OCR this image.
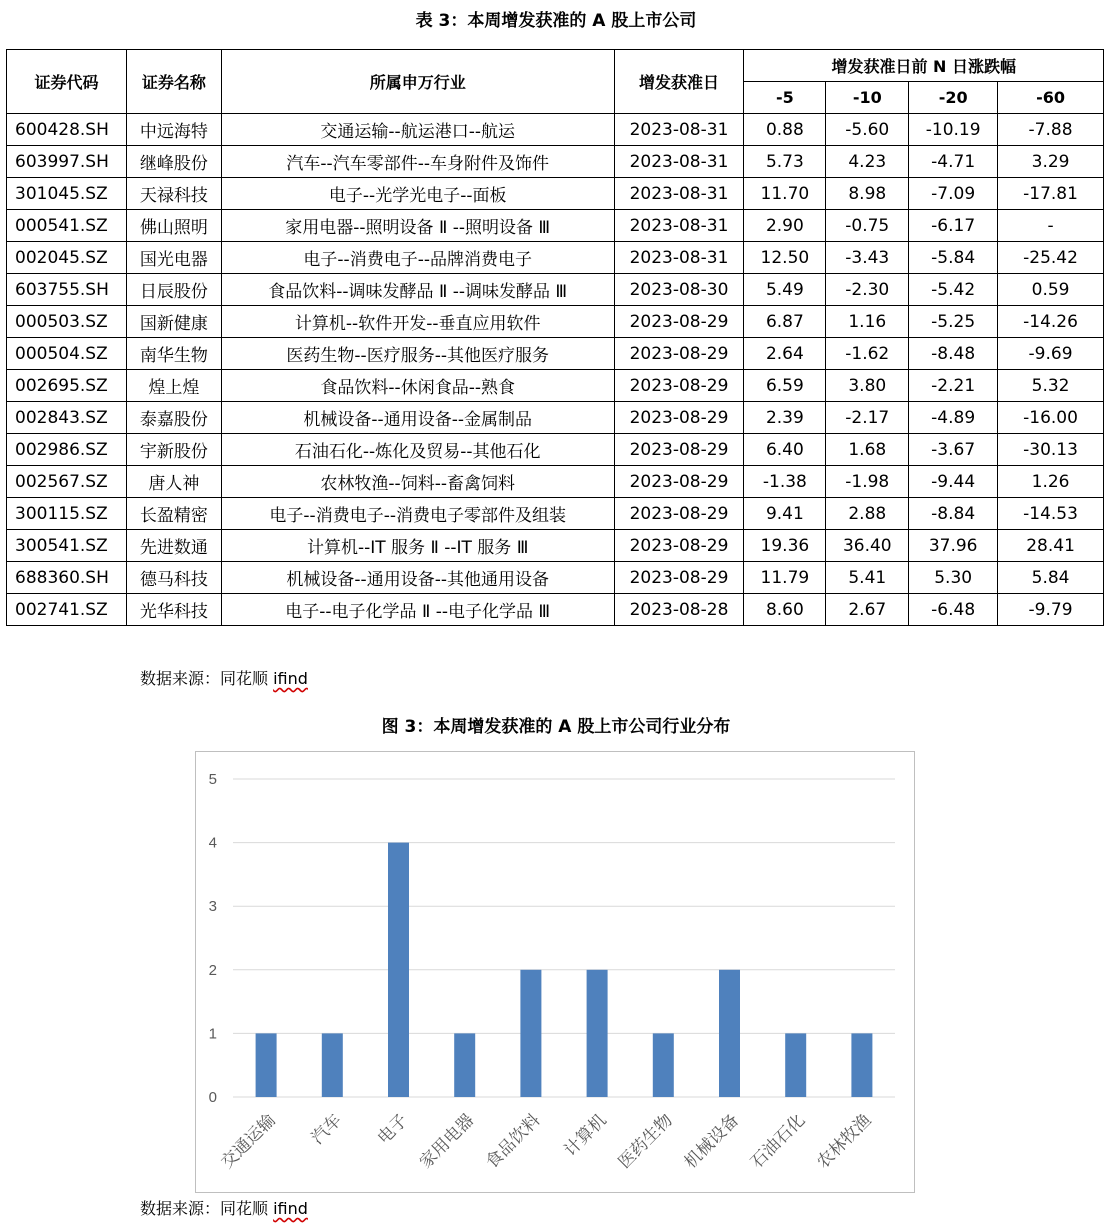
表 3：本周增发获准的 A 股上市公司
证券代码	证券名称	所属申万行业	增发获准日	增发获准日前 N 日涨跌幅			
				-5	-10	-20	-60
600428.SH	中远海特	交通运输--航运港口--航运	2023-08-31	0.88	-5.60	-10.19	-7.88
603997.SH	继峰股份	汽车--汽车零部件--车身附件及饰件	2023-08-31	5.73	4.23	-4.71	3.29
301045.SZ	天禄科技	电子--光学光电子--面板	2023-08-31	11.70	8.98	-7.09	-17.81
000541.SZ	佛山照明	家用电器--照明设备 Ⅱ --照明设备 Ⅲ	2023-08-31	2.90	-0.75	-6.17	-
002045.SZ	国光电器	电子--消费电子--品牌消费电子	2023-08-31	12.50	-3.43	-5.84	-25.42
603755.SH	日辰股份	食品饮料--调味发酵品 Ⅱ --调味发酵品 Ⅲ	2023-08-30	5.49	-2.30	-5.42	0.59
000503.SZ	国新健康	计算机--软件开发--垂直应用软件	2023-08-29	6.87	1.16	-5.25	-14.26
000504.SZ	南华生物	医药生物--医疗服务--其他医疗服务	2023-08-29	2.64	-1.62	-8.48	-9.69
002695.SZ	煌上煌	食品饮料--休闲食品--熟食	2023-08-29	6.59	3.80	-2.21	5.32
002843.SZ	泰嘉股份	机械设备--通用设备--金属制品	2023-08-29	2.39	-2.17	-4.89	-16.00
002986.SZ	宇新股份	石油石化--炼化及贸易--其他石化	2023-08-29	6.40	1.68	-3.67	-30.13
002567.SZ	唐人神	农林牧渔--饲料--畜禽饲料	2023-08-29	-1.38	-1.98	-9.44	1.26
300115.SZ	长盈精密	电子--消费电子--消费电子零部件及组装	2023-08-29	9.41	2.88	-8.84	-14.53
300541.SZ	先进数通	计算机--IT 服务 Ⅱ --IT 服务 Ⅲ	2023-08-29	19.36	36.40	37.96	28.41
688360.SH	德马科技	机械设备--通用设备--其他通用设备	2023-08-29	11.79	5.41	5.30	5.84
002741.SZ	光华科技	电子--电子化学品 Ⅱ --电子化学品 Ⅲ	2023-08-28	8.60	2.67	-6.48	-9.79
数据来源：同花顺 ifind
图 3：本周增发获准的 A 股上市公司行业分布
0
1
2
3
4
5
交通运输 汽车 电子 家用电器 食品饮料 计算机 医药生物 机械设备 石油石化 农林牧渔
数据来源：同花顺 ifind
